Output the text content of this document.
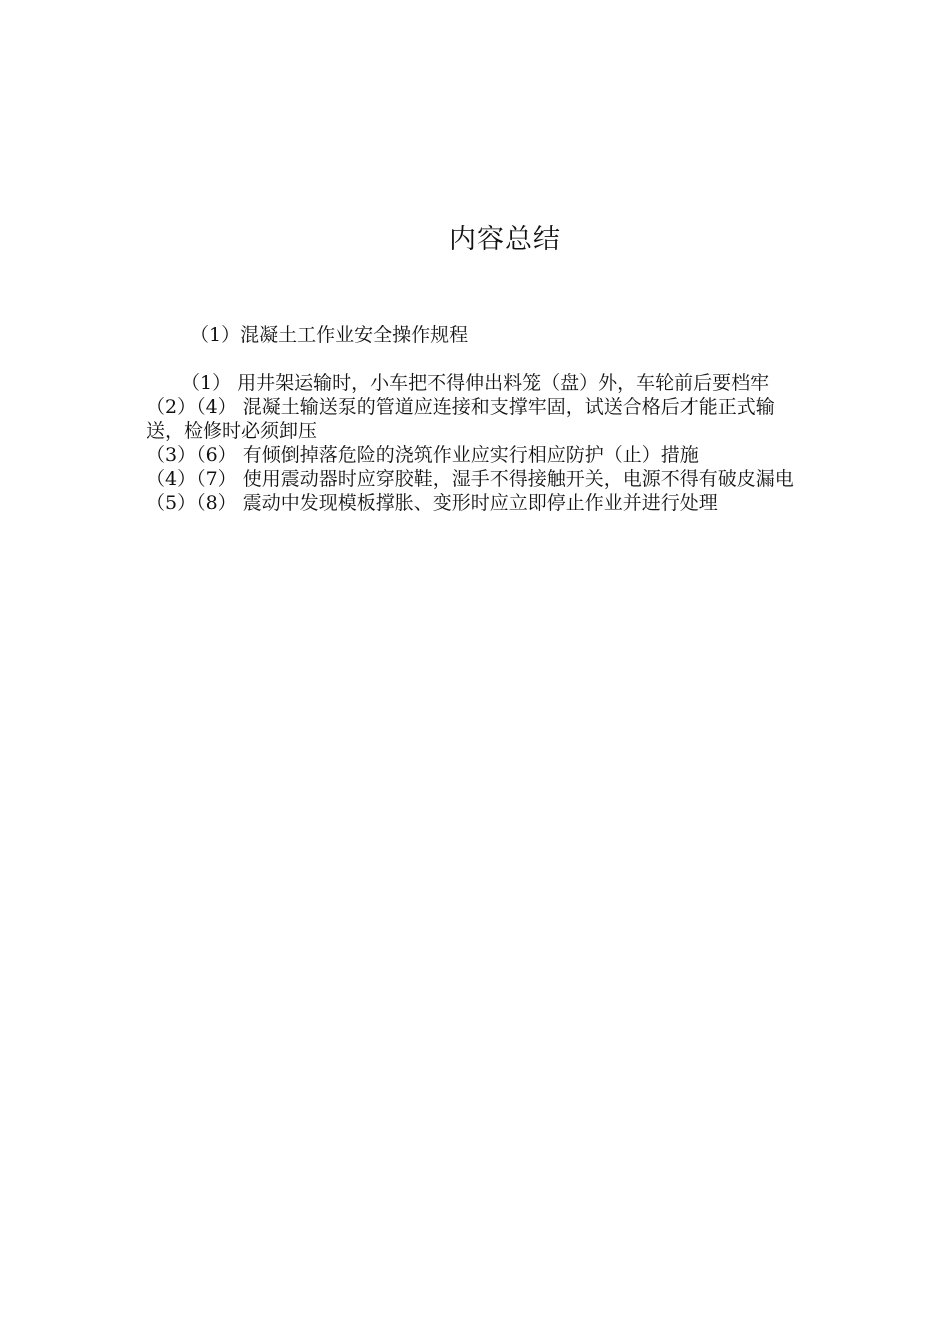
内容总结
（1）混凝土工作业安全操作规程

（1） 用井架运输时，小车把不得伸出料笼（盘）外，车轮前后要档牢

（2）（4） 混凝土输送泵的管道应连接和支撑牢固，试送合格后才能正式输送，检修时必须卸压

（3）（6） 有倾倒掉落危险的浇筑作业应实行相应防护（止）措施

（4）（7） 使用震动器时应穿胶鞋，湿手不得接触开关，电源不得有破皮漏电

（5）（8） 震动中发现模板撑胀、变形时应立即停止作业并进行处理
